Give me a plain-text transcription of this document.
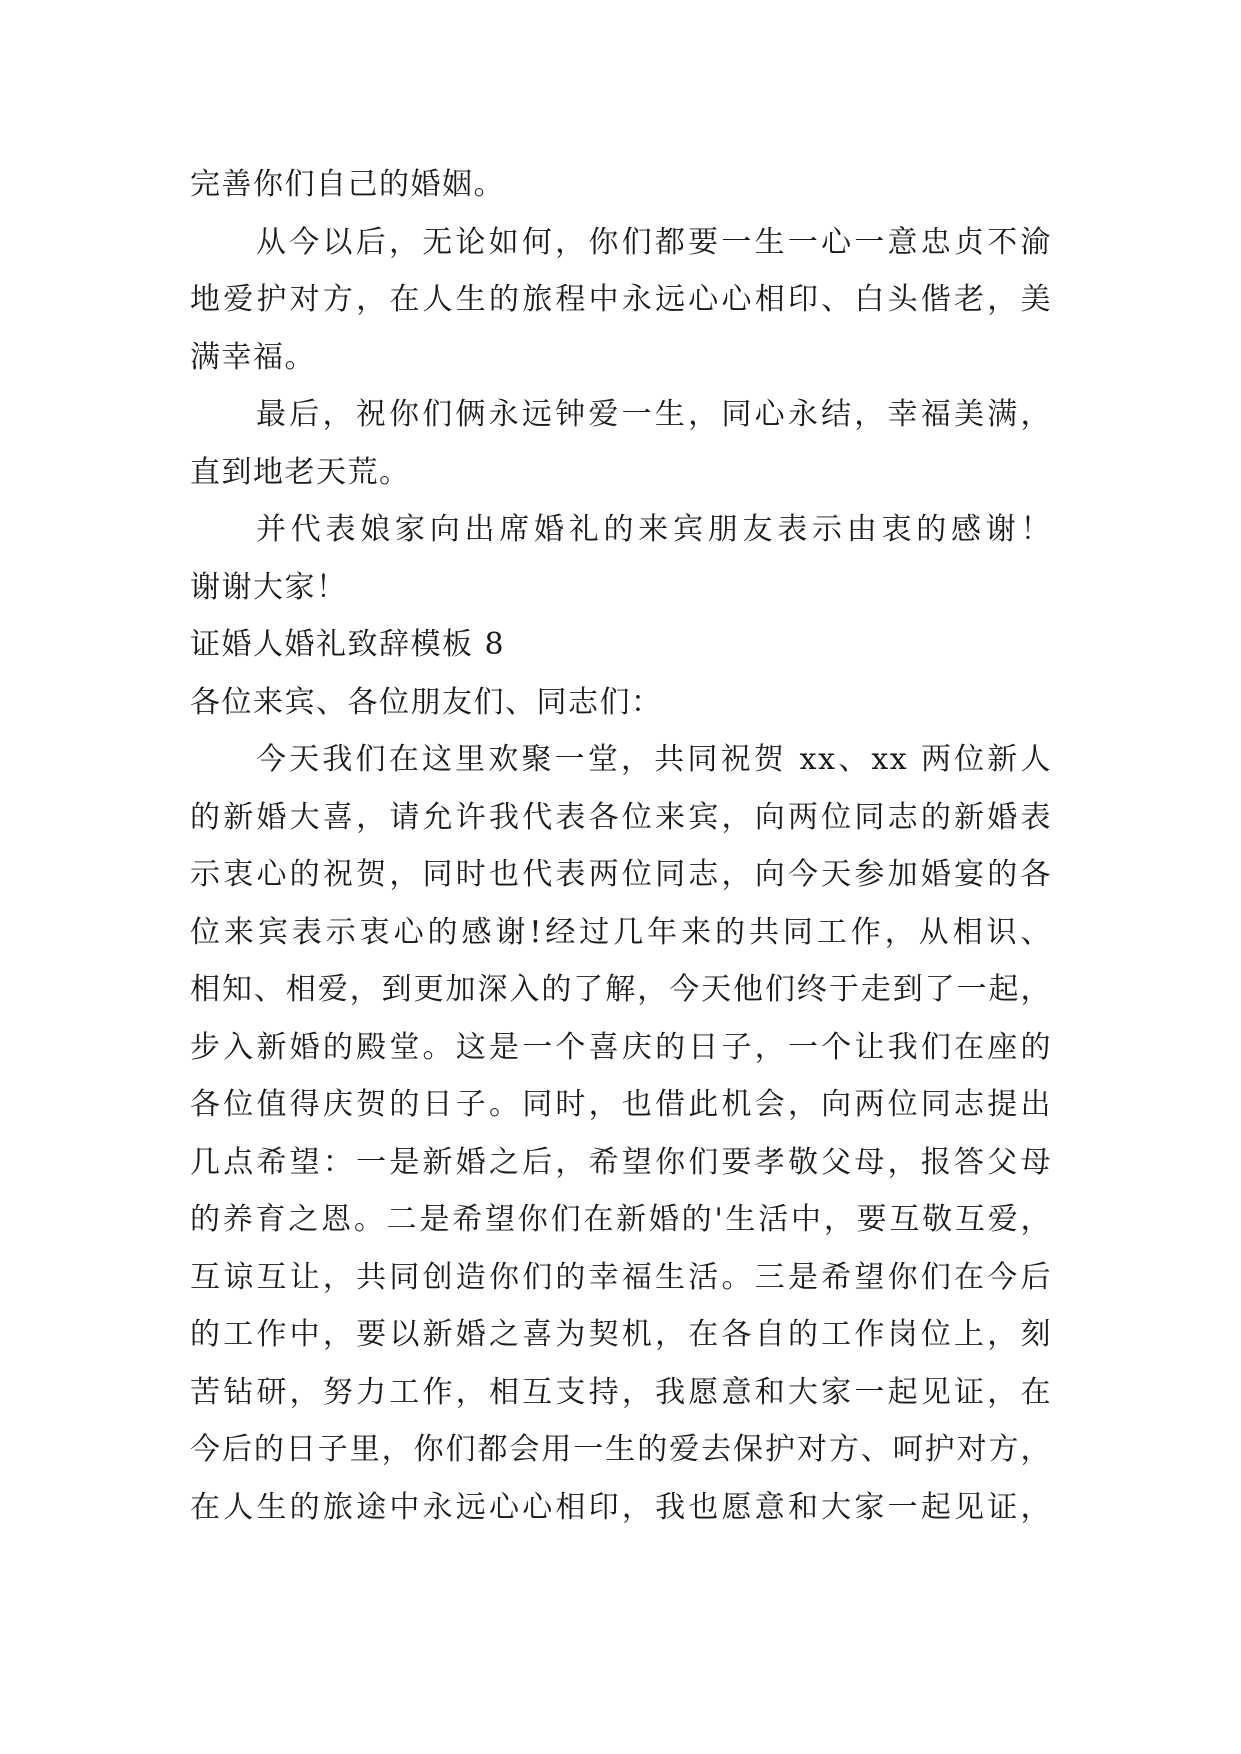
完善你们自己的婚姻。
从今以后，无论如何，你们都要一生一心一意忠贞不渝
地爱护对方，在人生的旅程中永远心心相印、白头偕老，美
满幸福。
最后，祝你们俩永远钟爱一生，同心永结，幸福美满，
直到地老天荒。
并代表娘家向出席婚礼的来宾朋友表示由衷的感谢！
谢谢大家！
证婚人婚礼致辞模板 8
各位来宾、各位朋友们、同志们：
今天我们在这里欢聚一堂，共同祝贺 xx、xx 两位新人
的新婚大喜，请允许我代表各位来宾，向两位同志的新婚表
示衷心的祝贺，同时也代表两位同志，向今天参加婚宴的各
位来宾表示衷心的感谢!经过几年来的共同工作，从相识、
相知、相爱，到更加深入的了解，今天他们终于走到了一起，
步入新婚的殿堂。这是一个喜庆的日子，一个让我们在座的
各位值得庆贺的日子。同时，也借此机会，向两位同志提出
几点希望：一是新婚之后，希望你们要孝敬父母，报答父母
的养育之恩。二是希望你们在新婚的'生活中，要互敬互爱，
互谅互让，共同创造你们的幸福生活。三是希望你们在今后
的工作中，要以新婚之喜为契机，在各自的工作岗位上，刻
苦钻研，努力工作，相互支持，我愿意和大家一起见证，在
今后的日子里，你们都会用一生的爱去保护对方、呵护对方，
在人生的旅途中永远心心相印，我也愿意和大家一起见证，
